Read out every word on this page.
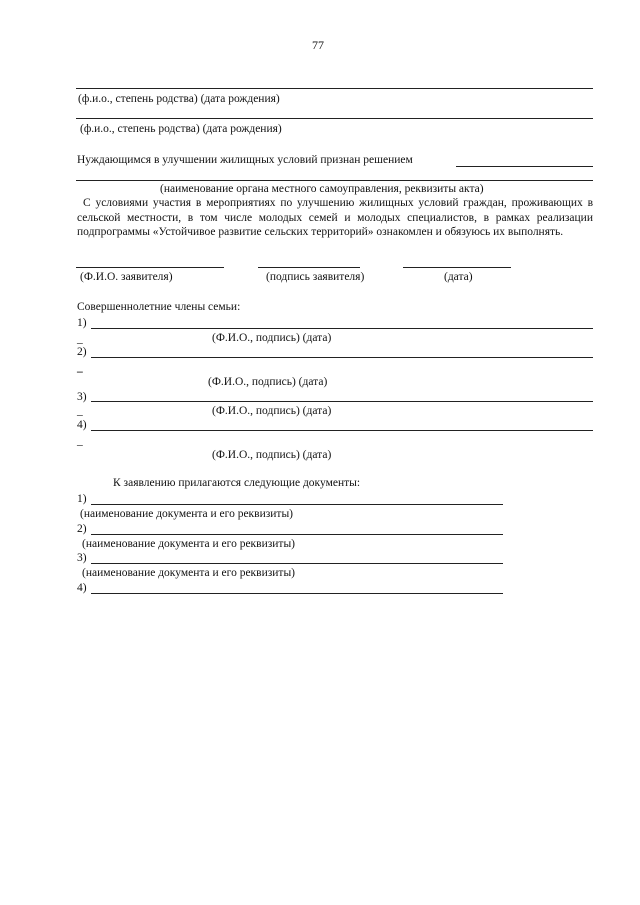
77
(ф.и.о., степень родства) (дата рождения)
(ф.и.о., степень родства) (дата рождения)
Нуждающимся в улучшении жилищных условий признан решением
(наименование органа местного самоуправления, реквизиты акта)
С условиями участия в мероприятиях по улучшению жилищных условий граждан, проживающих в сельской местности, в том числе молодых семей и молодых специалистов, в рамках реализации подпрограммы «Устойчивое развитие сельских территорий» ознакомлен и обязуюсь их выполнять.
(Ф.И.О. заявителя)	(подпись заявителя)	(дата)
Совершеннолетние члены семьи:
1)
_	(Ф.И.О., подпись) (дата)
2)
_
(Ф.И.О., подпись) (дата)
3)
_	(Ф.И.О., подпись) (дата)
4)
_
(Ф.И.О., подпись) (дата)
К заявлению прилагаются следующие документы:
1)
(наименование документа и его реквизиты)
2)
(наименование документа и его реквизиты)
3)
(наименование документа и его реквизиты)
4)
